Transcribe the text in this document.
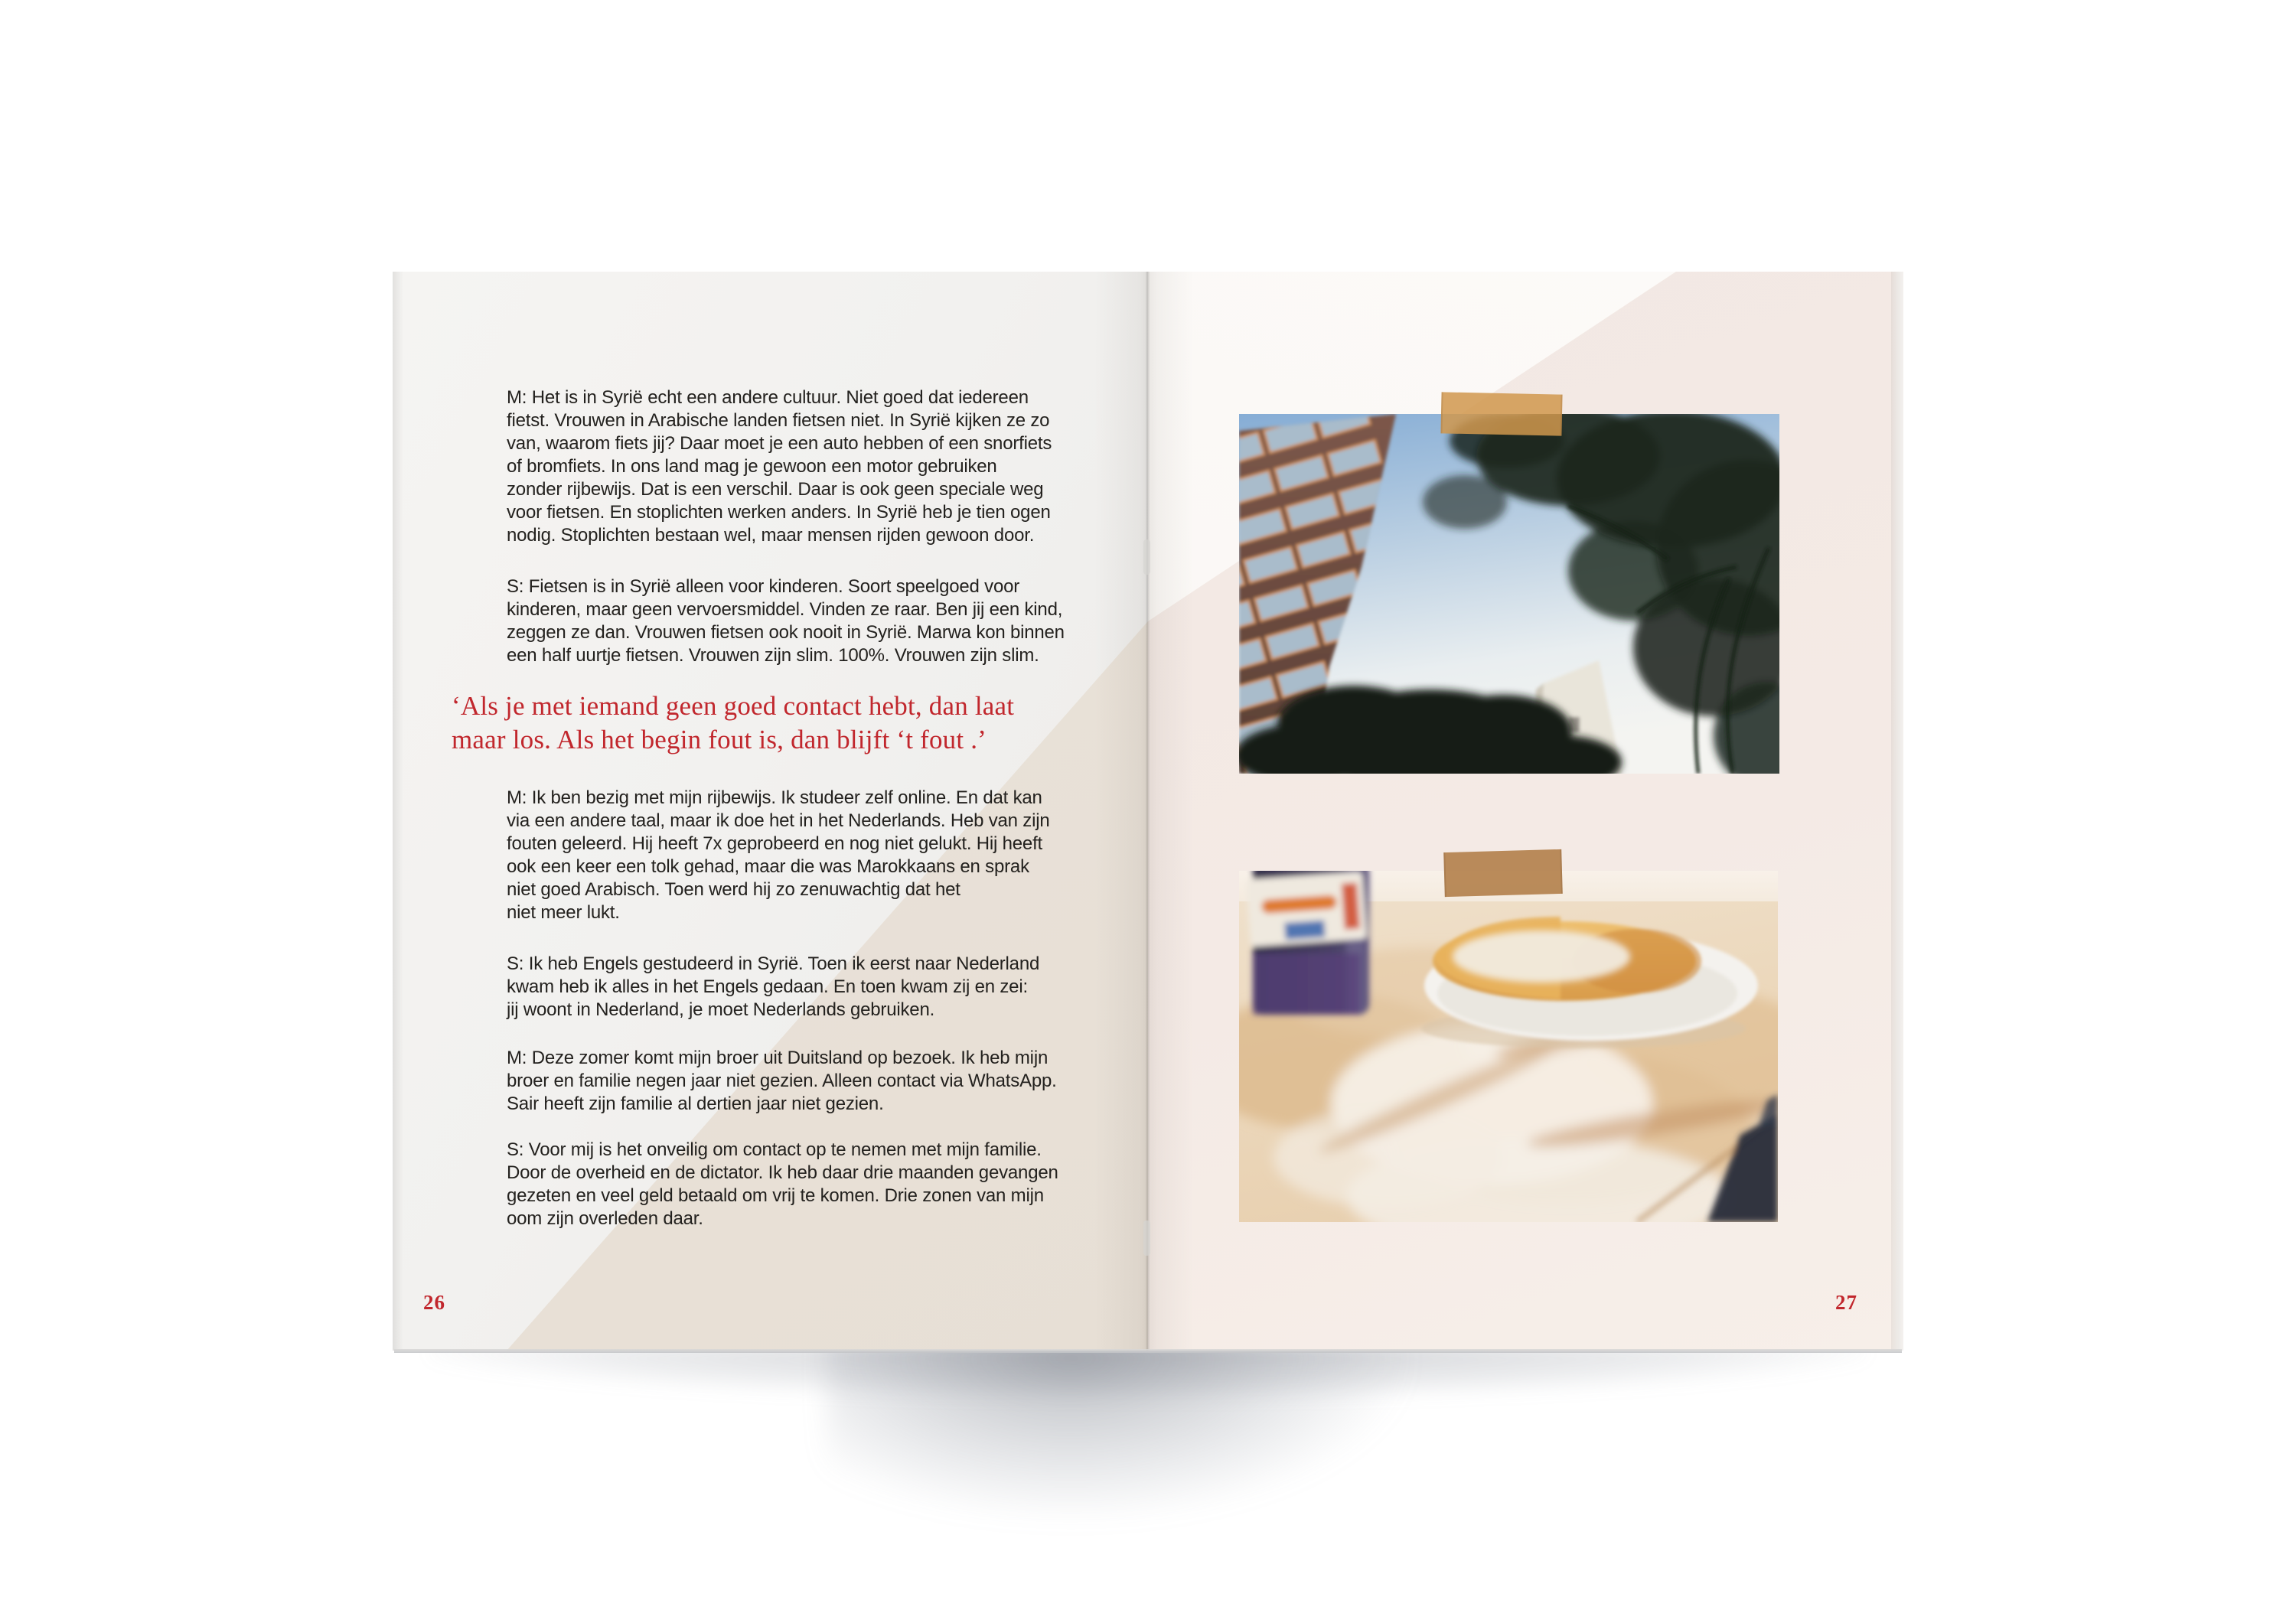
M: Het is in Syrië echt een andere cultuur. Niet goed dat iedereen
fietst. Vrouwen in Arabische landen fietsen niet. In Syrië kijken ze zo
van, waarom fiets jij? Daar moet je een auto hebben of een snorfiets
of bromfiets. In ons land mag je gewoon een motor gebruiken
zonder rijbewijs. Dat is een verschil. Daar is ook geen speciale weg
voor fietsen. En stoplichten werken anders. In Syrië heb je tien ogen
nodig. Stoplichten bestaan wel, maar mensen rijden gewoon door.
S: Fietsen is in Syrië alleen voor kinderen. Soort speelgoed voor
kinderen, maar geen vervoersmiddel. Vinden ze raar. Ben jij een kind,
zeggen ze dan. Vrouwen fietsen ook nooit in Syrië. Marwa kon binnen
een half uurtje fietsen. Vrouwen zijn slim. 100%. Vrouwen zijn slim.
‘Als je met iemand geen goed contact hebt, dan laat
maar los. Als het begin fout is, dan blijft ‘t fout .’
M: Ik ben bezig met mijn rijbewijs. Ik studeer zelf online. En dat kan
via een andere taal, maar ik doe het in het Nederlands. Heb van zijn
fouten geleerd. Hij heeft 7x geprobeerd en nog niet gelukt. Hij heeft
ook een keer een tolk gehad, maar die was Marokkaans en sprak
niet goed Arabisch. Toen werd hij zo zenuwachtig dat het
niet meer lukt.
S: Ik heb Engels gestudeerd in Syrië. Toen ik eerst naar Nederland
kwam heb ik alles in het Engels gedaan. En toen kwam zij en zei:
jij woont in Nederland, je moet Nederlands gebruiken.
M: Deze zomer komt mijn broer uit Duitsland op bezoek. Ik heb mijn
broer en familie negen jaar niet gezien. Alleen contact via WhatsApp.
Sair heeft zijn familie al dertien jaar niet gezien.
S: Voor mij is het onveilig om contact op te nemen met mijn familie.
Door de overheid en de dictator. Ik heb daar drie maanden gevangen
gezeten en veel geld betaald om vrij te komen. Drie zonen van mijn
oom zijn overleden daar.
26	27
